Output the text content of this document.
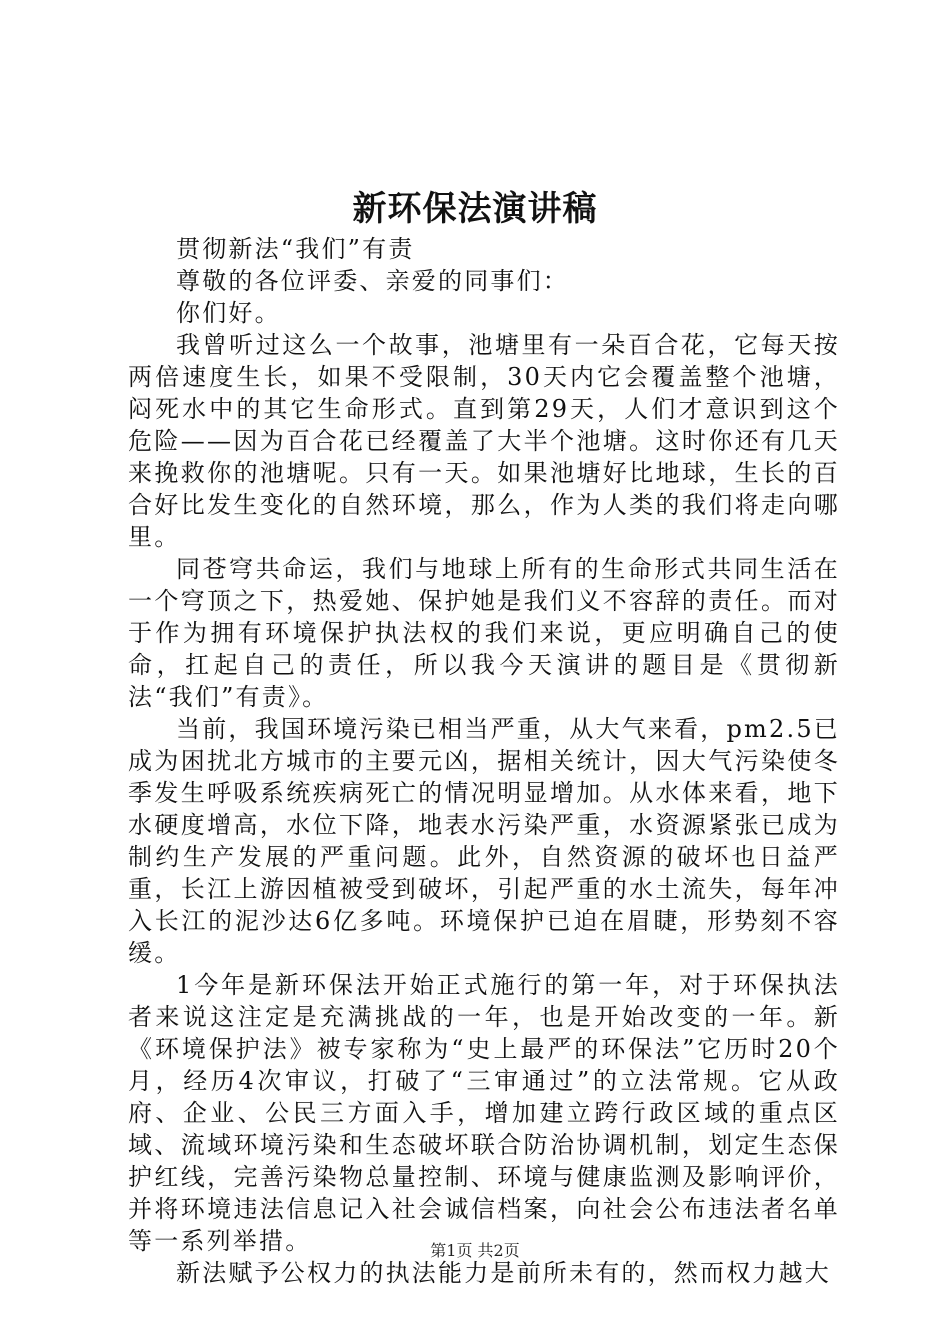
新环保法演讲稿

贯彻新法“我们”有责

尊敬的各位评委、亲爱的同事们：

你们好。

我曾听过这么一个故事，池塘里有一朵百合花，它每天按两倍速度生长，如果不受限制，30天内它会覆盖整个池塘，闷死水中的其它生命形式。直到第29天，人们才意识到这个危险——因为百合花已经覆盖了大半个池塘。这时你还有几天来挽救你的池塘呢。只有一天。如果池塘好比地球，生长的百合好比发生变化的自然环境，那么，作为人类的我们将走向哪里。

同苍穹共命运，我们与地球上所有的生命形式共同生活在一个穹顶之下，热爱她、保护她是我们义不容辞的责任。而对于作为拥有环境保护执法权的我们来说，更应明确自己的使命，扛起自己的责任，所以我今天演讲的题目是《贯彻新法“我们”有责》。

当前，我国环境污染已相当严重，从大气来看，pm2.5已成为困扰北方城市的主要元凶，据相关统计，因大气污染使冬季发生呼吸系统疾病死亡的情况明显增加。从水体来看，地下水硬度增高，水位下降，地表水污染严重，水资源紧张已成为制约生产发展的严重问题。此外，自然资源的破坏也日益严重，长江上游因植被受到破坏，引起严重的水土流失，每年冲入长江的泥沙达6亿多吨。环境保护已迫在眉睫，形势刻不容缓。

1今年是新环保法开始正式施行的第一年，对于环保执法者来说这注定是充满挑战的一年，也是开始改变的一年。新《环境保护法》被专家称为“史上最严的环保法”它历时20个月，经历4次审议，打破了“三审通过”的立法常规。它从政府、企业、公民三方面入手，增加建立跨行政区域的重点区域、流域环境污染和生态破坏联合防治协调机制，划定生态保护红线，完善污染物总量控制、环境与健康监测及影响评价，并将环境违法信息记入社会诚信档案，向社会公布违法者名单等一系列举措。

新法赋予公权力的执法能力是前所未有的，然而权力越大

第1页 共2页
